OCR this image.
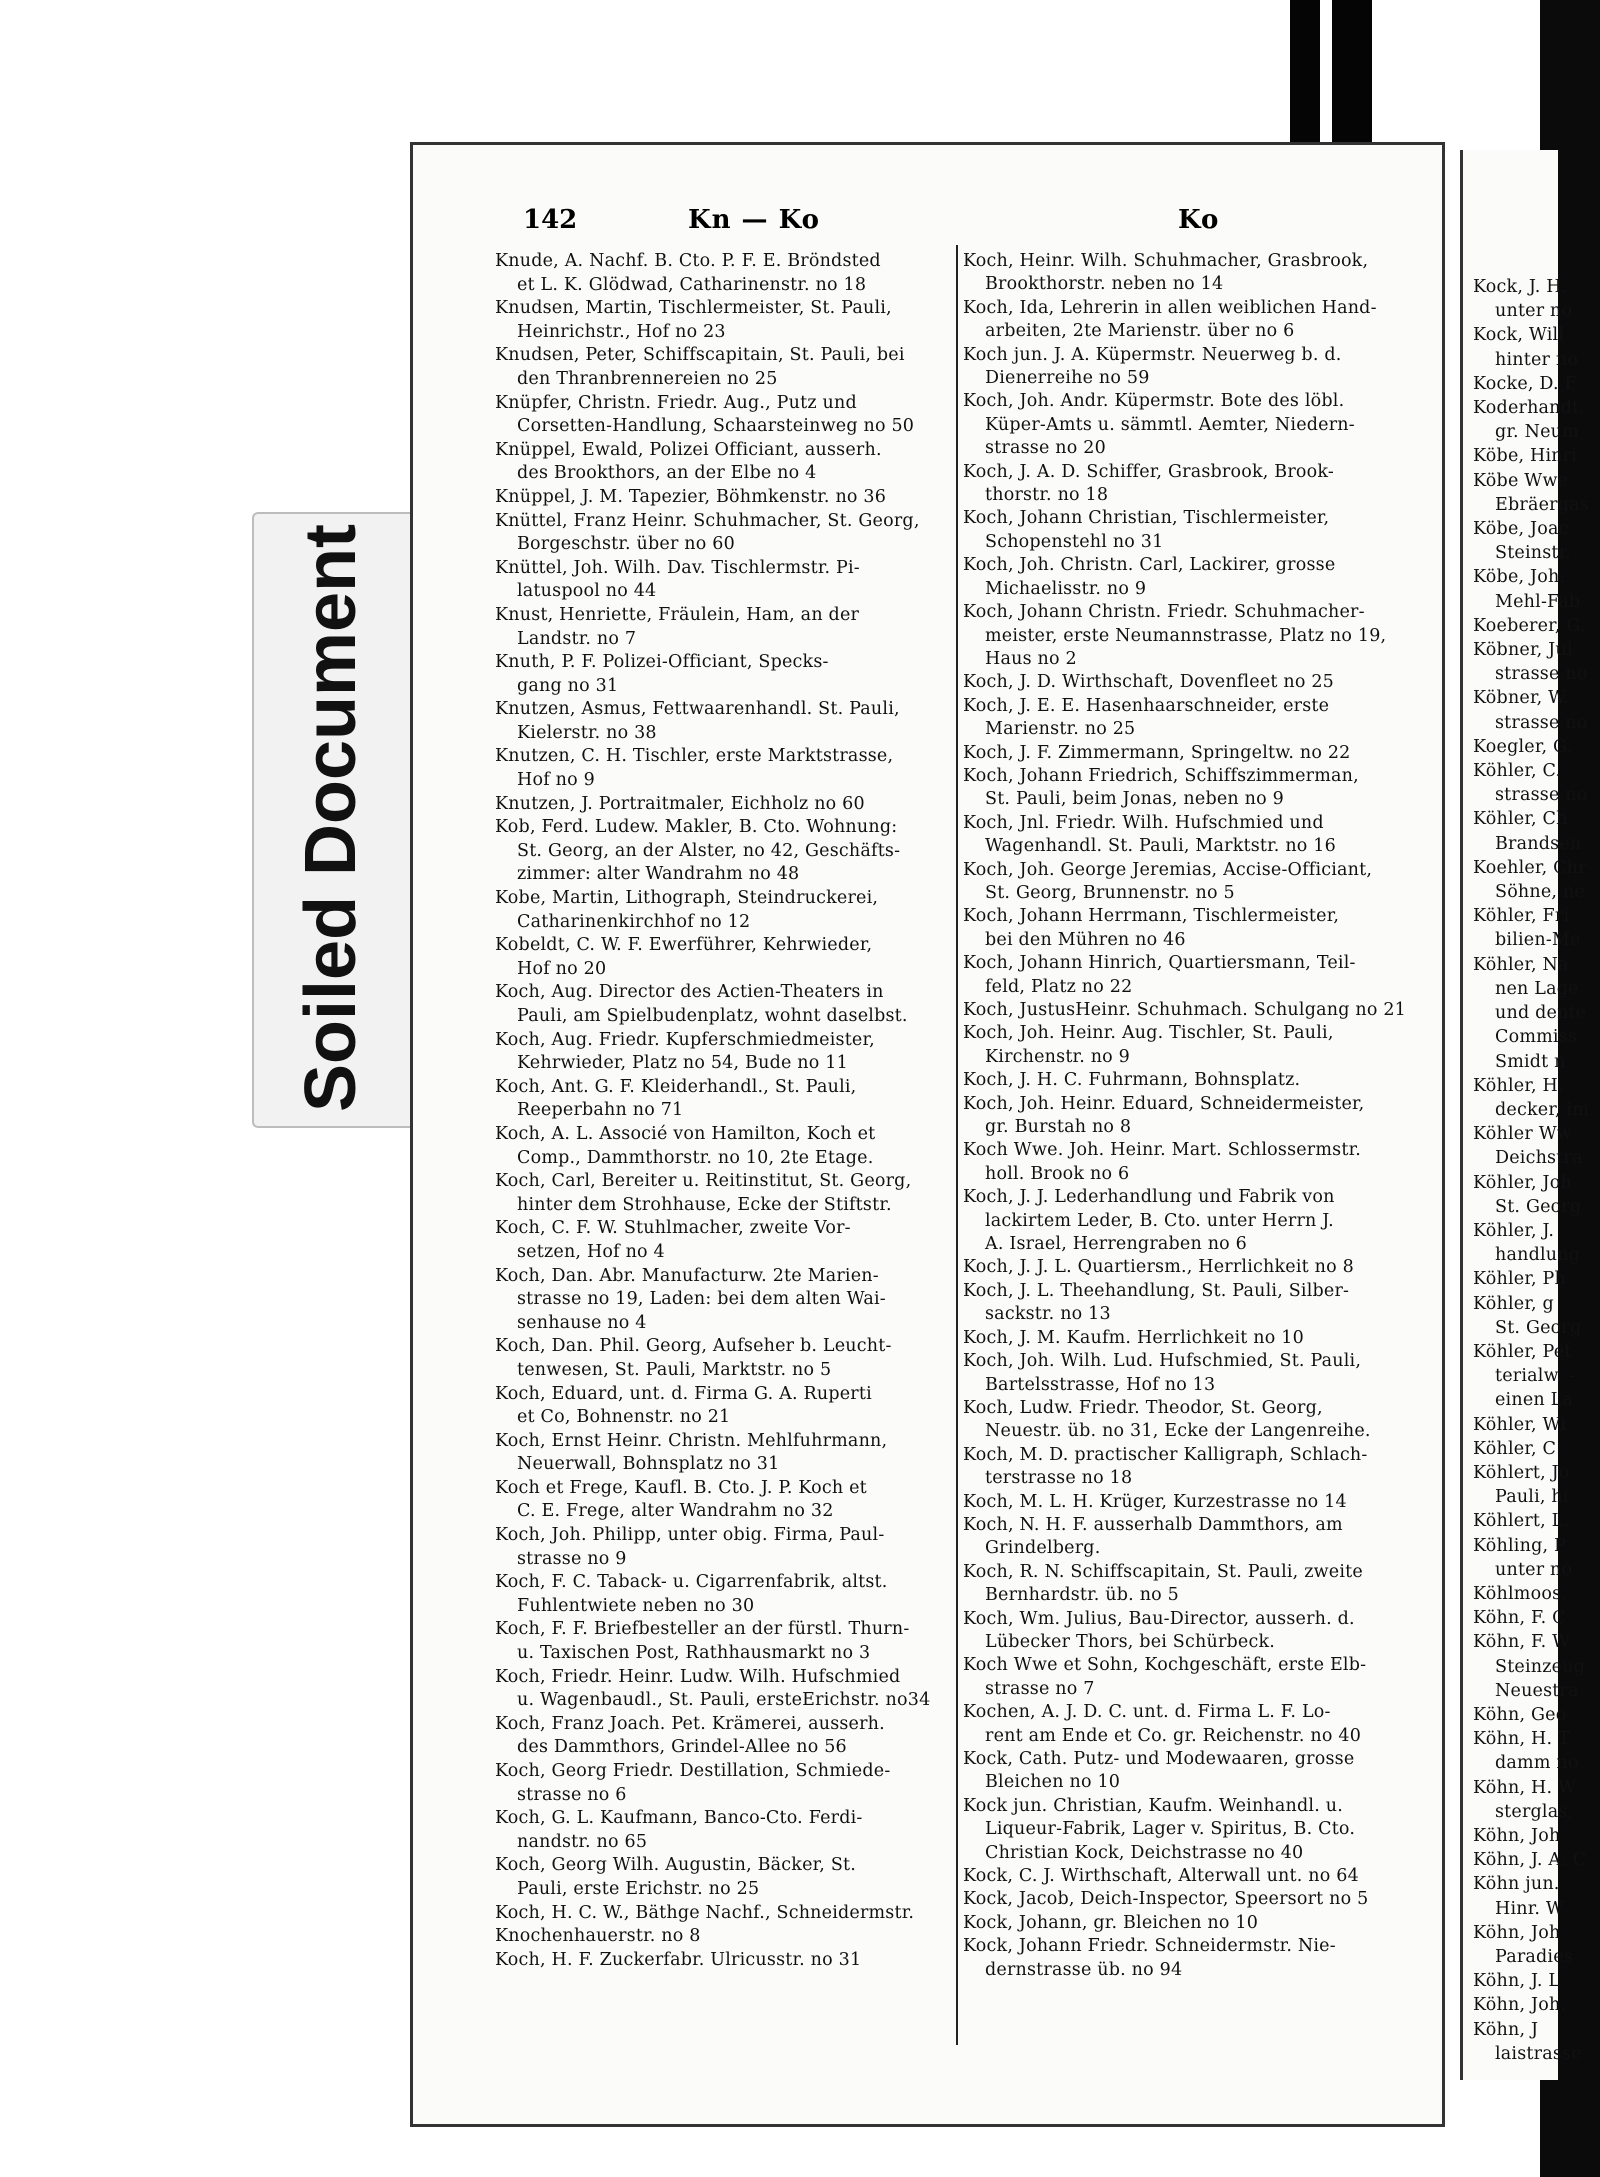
Soiled Document
142	Kn — Ko	Ko
Knude, A. Nachf. B. Cto. P. F. E. Bröndsted
et L. K. Glödwad, Catharinenstr. no 18
Knudsen, Martin, Tischlermeister, St. Pauli,
Heinrichstr., Hof no 23
Knudsen, Peter, Schiffscapitain, St. Pauli, bei
den Thranbrennereien no 25
Knüpfer, Christn. Friedr. Aug., Putz und
Corsetten-Handlung, Schaarsteinweg no 50
Knüppel, Ewald, Polizei Officiant, ausserh.
des Brookthors, an der Elbe no 4
Knüppel, J. M. Tapezier, Böhmkenstr. no 36
Knüttel, Franz Heinr. Schuhmacher, St. Georg,
Borgeschstr. über no 60
Knüttel, Joh. Wilh. Dav. Tischlermstr. Pi-
latuspool no 44
Knust, Henriette, Fräulein, Ham, an der
Landstr. no 7
Knuth, P. F. Polizei-Officiant, Specks-
gang no 31
Knutzen, Asmus, Fettwaarenhandl. St. Pauli,
Kielerstr. no 38
Knutzen, C. H. Tischler, erste Marktstrasse,
Hof no 9
Knutzen, J. Portraitmaler, Eichholz no 60
Kob, Ferd. Ludew. Makler, B. Cto. Wohnung:
St. Georg, an der Alster, no 42, Geschäfts-
zimmer: alter Wandrahm no 48
Kobe, Martin, Lithograph, Steindruckerei,
Catharinenkirchhof no 12
Kobeldt, C. W. F. Ewerführer, Kehrwieder,
Hof no 20
Koch, Aug. Director des Actien-Theaters in
Pauli, am Spielbudenplatz, wohnt daselbst.
Koch, Aug. Friedr. Kupferschmiedmeister,
Kehrwieder, Platz no 54, Bude no 11
Koch, Ant. G. F. Kleiderhandl., St. Pauli,
Reeperbahn no 71
Koch, A. L. Associé von Hamilton, Koch et
Comp., Dammthorstr. no 10, 2te Etage.
Koch, Carl, Bereiter u. Reitinstitut, St. Georg,
hinter dem Strohhause, Ecke der Stiftstr.
Koch, C. F. W. Stuhlmacher, zweite Vor-
setzen, Hof no 4
Koch, Dan. Abr. Manufacturw. 2te Marien-
strasse no 19, Laden: bei dem alten Wai-
senhause no 4
Koch, Dan. Phil. Georg, Aufseher b. Leucht-
tenwesen, St. Pauli, Marktstr. no 5
Koch, Eduard, unt. d. Firma G. A. Ruperti
et Co, Bohnenstr. no 21
Koch, Ernst Heinr. Christn. Mehlfuhrmann,
Neuerwall, Bohnsplatz no 31
Koch et Frege, Kaufl. B. Cto. J. P. Koch et
C. E. Frege, alter Wandrahm no 32
Koch, Joh. Philipp, unter obig. Firma, Paul-
strasse no 9
Koch, F. C. Taback- u. Cigarrenfabrik, altst.
Fuhlentwiete neben no 30
Koch, F. F. Briefbesteller an der fürstl. Thurn-
u. Taxischen Post, Rathhausmarkt no 3
Koch, Friedr. Heinr. Ludw. Wilh. Hufschmied
u. Wagenbaudl., St. Pauli, ersteErichstr. no34
Koch, Franz Joach. Pet. Krämerei, ausserh.
des Dammthors, Grindel-Allee no 56
Koch, Georg Friedr. Destillation, Schmiede-
strasse no 6
Koch, G. L. Kaufmann, Banco-Cto. Ferdi-
nandstr. no 65
Koch, Georg Wilh. Augustin, Bäcker, St.
Pauli, erste Erichstr. no 25
Koch, H. C. W., Bäthge Nachf., Schneidermstr.
Knochenhauerstr. no 8
Koch, H. F. Zuckerfabr. Ulricusstr. no 31
Koch, Heinr. Wilh. Schuhmacher, Grasbrook,
Brookthorstr. neben no 14
Koch, Ida, Lehrerin in allen weiblichen Hand-
arbeiten, 2te Marienstr. über no 6
Koch jun. J. A. Küpermstr. Neuerweg b. d.
Dienerreihe no 59
Koch, Joh. Andr. Küpermstr. Bote des löbl.
Küper-Amts u. sämmtl. Aemter, Niedern-
strasse no 20
Koch, J. A. D. Schiffer, Grasbrook, Brook-
thorstr. no 18
Koch, Johann Christian, Tischlermeister,
Schopenstehl no 31
Koch, Joh. Christn. Carl, Lackirer, grosse
Michaelisstr. no 9
Koch, Johann Christn. Friedr. Schuhmacher-
meister, erste Neumannstrasse, Platz no 19,
Haus no 2
Koch, J. D. Wirthschaft, Dovenfleet no 25
Koch, J. E. E. Hasenhaarschneider, erste
Marienstr. no 25
Koch, J. F. Zimmermann, Springeltw. no 22
Koch, Johann Friedrich, Schiffszimmerman,
St. Pauli, beim Jonas, neben no 9
Koch, Jnl. Friedr. Wilh. Hufschmied und
Wagenhandl. St. Pauli, Marktstr. no 16
Koch, Joh. George Jeremias, Accise-Officiant,
St. Georg, Brunnenstr. no 5
Koch, Johann Herrmann, Tischlermeister,
bei den Mühren no 46
Koch, Johann Hinrich, Quartiersmann, Teil-
feld, Platz no 22
Koch, JustusHeinr. Schuhmach. Schulgang no 21
Koch, Joh. Heinr. Aug. Tischler, St. Pauli,
Kirchenstr. no 9
Koch, J. H. C. Fuhrmann, Bohnsplatz.
Koch, Joh. Heinr. Eduard, Schneidermeister,
gr. Burstah no 8
Koch Wwe. Joh. Heinr. Mart. Schlossermstr.
holl. Brook no 6
Koch, J. J. Lederhandlung und Fabrik von
lackirtem Leder, B. Cto. unter Herrn J.
A. Israel, Herrengraben no 6
Koch, J. J. L. Quartiersm., Herrlichkeit no 8
Koch, J. L. Theehandlung, St. Pauli, Silber-
sackstr. no 13
Koch, J. M. Kaufm. Herrlichkeit no 10
Koch, Joh. Wilh. Lud. Hufschmied, St. Pauli,
Bartelsstrasse, Hof no 13
Koch, Ludw. Friedr. Theodor, St. Georg,
Neuestr. üb. no 31, Ecke der Langenreihe.
Koch, M. D. practischer Kalligraph, Schlach-
terstrasse no 18
Koch, M. L. H. Krüger, Kurzestrasse no 14
Koch, N. H. F. ausserhalb Dammthors, am
Grindelberg.
Koch, R. N. Schiffscapitain, St. Pauli, zweite
Bernhardstr. üb. no 5
Koch, Wm. Julius, Bau-Director, ausserh. d.
Lübecker Thors, bei Schürbeck.
Koch Wwe et Sohn, Kochgeschäft, erste Elb-
strasse no 7
Kochen, A. J. D. C. unt. d. Firma L. F. Lo-
rent am Ende et Co. gr. Reichenstr. no 40
Kock, Cath. Putz- und Modewaaren, grosse
Bleichen no 10
Kock jun. Christian, Kaufm. Weinhandl. u.
Liqueur-Fabrik, Lager v. Spiritus, B. Cto.
Christian Kock, Deichstrasse no 40
Kock, C. J. Wirthschaft, Alterwall unt. no 64
Kock, Jacob, Deich-Inspector, Speersort no 5
Kock, Johann, gr. Bleichen no 10
Kock, Johann Friedr. Schneidermstr. Nie-
dernstrasse üb. no 94
Kock, J. H.
unter no
Kock, Will
hinter no
Kocke, D. F
Koderhandt,
gr. Neum
Köbe, Hinri
Köbe Wwe
Ebräergas
Köbe, Joac
Steinstr.
Köbe, Joh.
Mehl-Fab
Koeberer, G.
Köbner, Jul
strasse no
Köbner, W.
strasse no
Koegler, G.
Köhler, C.
strasse no
Köhler, Ch
Brandsen
Koehler, Chr
Söhne, ne
Köhler, Fri
bilien-Me
Köhler, Na
nen Lage
und dente
Commiss
Smidt n
Köhler, H.
decker, im
Köhler Ww
Deichstra
Köhler, Joh
St. Georg
Köhler, J.
handlung
Köhler, Ph
Köhler, g
St. Georg
Köhler, Pet
terialw. -
einen La
Köhler, Wi
Köhler, C
Köhlert, Jo
Pauli, hi
Köhlert, L.
Köhling, P
unter no
Köhlmoos,
Köhn, F. C
Köhn, F. W
Steinzeug
Neuestra
Köhn, Geo
Köhn, H. T
damm no
Köhn, H. W
sterglas,
Köhn, Joh.
Köhn, J. A. C
Köhn jun.
Hinr. W
Köhn, Joh
Paradies
Köhn, J. L
Köhn, Joh.
Köhn, J
laistrasse
